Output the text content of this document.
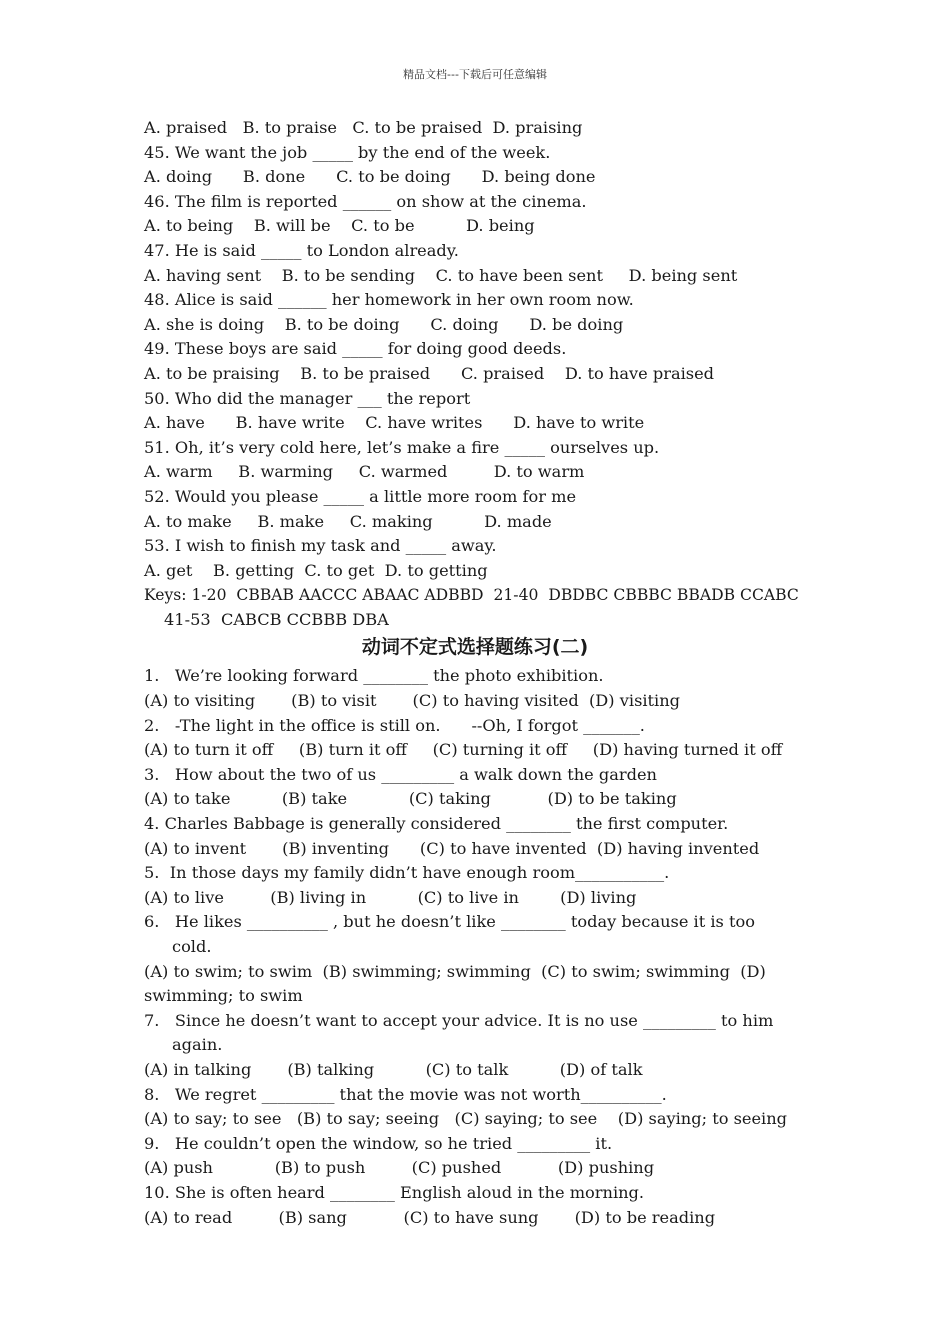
精品文档---下载后可任意编辑
A. praised   B. to praise   C. to be praised  D. praising
45. We want the job _____ by the end of the week.
A. doing      B. done      C. to be doing      D. being done
46. The film is reported ______ on show at the cinema.
A. to being    B. will be    C. to be          D. being
47. He is said _____ to London already.
A. having sent    B. to be sending    C. to have been sent     D. being sent
48. Alice is said ______ her homework in her own room now.
A. she is doing    B. to be doing      C. doing      D. be doing
49. These boys are said _____ for doing good deeds.
A. to be praising    B. to be praised      C. praised    D. to have praised
50. Who did the manager ___ the report
A. have      B. have write    C. have writes      D. have to write
51. Oh, it’s very cold here, let’s make a fire _____ ourselves up.
A. warm     B. warming     C. warmed         D. to warm
52. Would you please _____ a little more room for me
A. to make     B. make     C. making          D. made
53. I wish to finish my task and _____ away.
A. get    B. getting  C. to get  D. to getting
Keys: 1-20  CBBAB AACCC ABAAC ADBBD  21-40  DBDBC CBBBC BBADB CCABC
41-53  CABCB CCBBB DBA
动词不定式选择题练习(二)
1.   We’re looking forward ________ the photo exhibition.
(A) to visiting       (B) to visit       (C) to having visited  (D) visiting
2.   -The light in the office is still on.      --Oh, I forgot _______.
(A) to turn it off     (B) turn it off     (C) turning it off     (D) having turned it off
3.   How about the two of us _________ a walk down the garden
(A) to take          (B) take            (C) taking           (D) to be taking
4. Charles Babbage is generally considered ________ the first computer.
(A) to invent       (B) inventing      (C) to have invented  (D) having invented
5.  In those days my family didn’t have enough room___________.
(A) to live         (B) living in          (C) to live in        (D) living
6.   He likes __________ , but he doesn’t like ________ today because it is too
cold.
(A) to swim; to swim  (B) swimming; swimming  (C) to swim; swimming  (D)
swimming; to swim
7.   Since he doesn’t want to accept your advice. It is no use _________ to him
again.
(A) in talking       (B) talking          (C) to talk          (D) of talk
8.   We regret _________ that the movie was not worth__________.
(A) to say; to see   (B) to say; seeing   (C) saying; to see    (D) saying; to seeing
9.   He couldn’t open the window, so he tried _________ it.
(A) push            (B) to push         (C) pushed           (D) pushing
10. She is often heard ________ English aloud in the morning.
(A) to read         (B) sang           (C) to have sung       (D) to be reading
